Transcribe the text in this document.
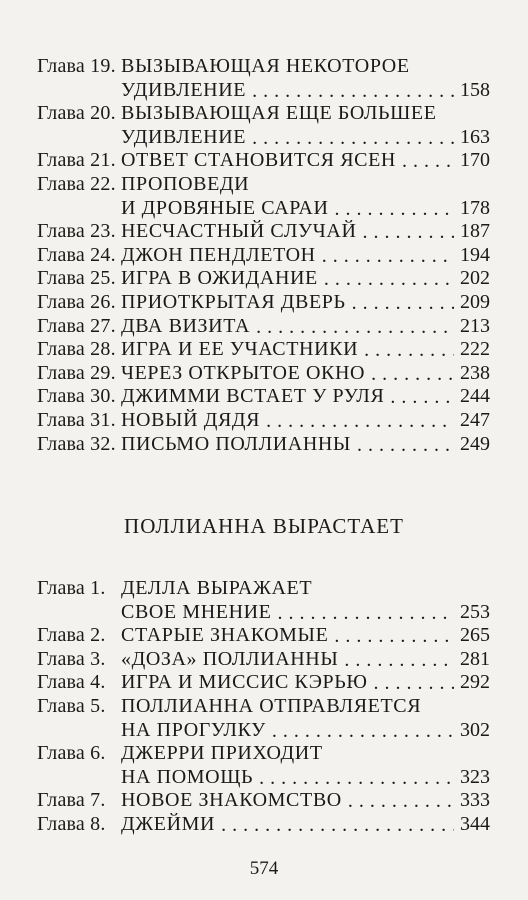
Глава 19. ВЫЗЫВАЮЩАЯ НЕКОТОРОЕ
УДИВЛЕНИЕ . . .	158
Глава 20. ВЫЗЫВАЮЩАЯ ЕЩЕ БОЛЬШЕЕ
УДИВЛЕНИЕ . . .	163
Глава 21. ОТВЕТ СТАНОВИТСЯ ЯСЕН . . .	170
Глава 22. ПРОПОВЕДИ
И ДРОВЯНЫЕ САРАИ . . .	178
Глава 23. НЕСЧАСТНЫЙ СЛУЧАЙ . . .	187
Глава 24. ДЖОН ПЕНДЛЕТОН . . .	194
Глава 25. ИГРА В ОЖИДАНИЕ . . .	202
Глава 26. ПРИОТКРЫТАЯ ДВЕРЬ . . .	209
Глава 27. ДВА ВИЗИТА . . .	213
Глава 28. ИГРА И ЕЕ УЧАСТНИКИ . . .	222
Глава 29. ЧЕРЕЗ ОТКРЫТОЕ ОКНО . . .	238
Глава 30. ДЖИММИ ВСТАЕТ У РУЛЯ . . .	244
Глава 31. НОВЫЙ ДЯДЯ . . .	247
Глава 32. ПИСЬМО ПОЛЛИАННЫ . . .	249
ПОЛЛИАННА ВЫРАСТАЕТ
Глава 1. ДЕЛЛА ВЫРАЖАЕТ
СВОЕ МНЕНИЕ . . .	253
Глава 2. СТАРЫЕ ЗНАКОМЫЕ . . .	265
Глава 3. «ДОЗА» ПОЛЛИАННЫ . . .	281
Глава 4. ИГРА И МИССИС КЭРЬЮ . . .	292
Глава 5. ПОЛЛИАННА ОТПРАВЛЯЕТСЯ
НА ПРОГУЛКУ . . .	302
Глава 6. ДЖЕРРИ ПРИХОДИТ
НА ПОМОЩЬ . . .	323
Глава 7. НОВОЕ ЗНАКОМСТВО . . .	333
Глава 8. ДЖЕЙМИ . . .	344
574
